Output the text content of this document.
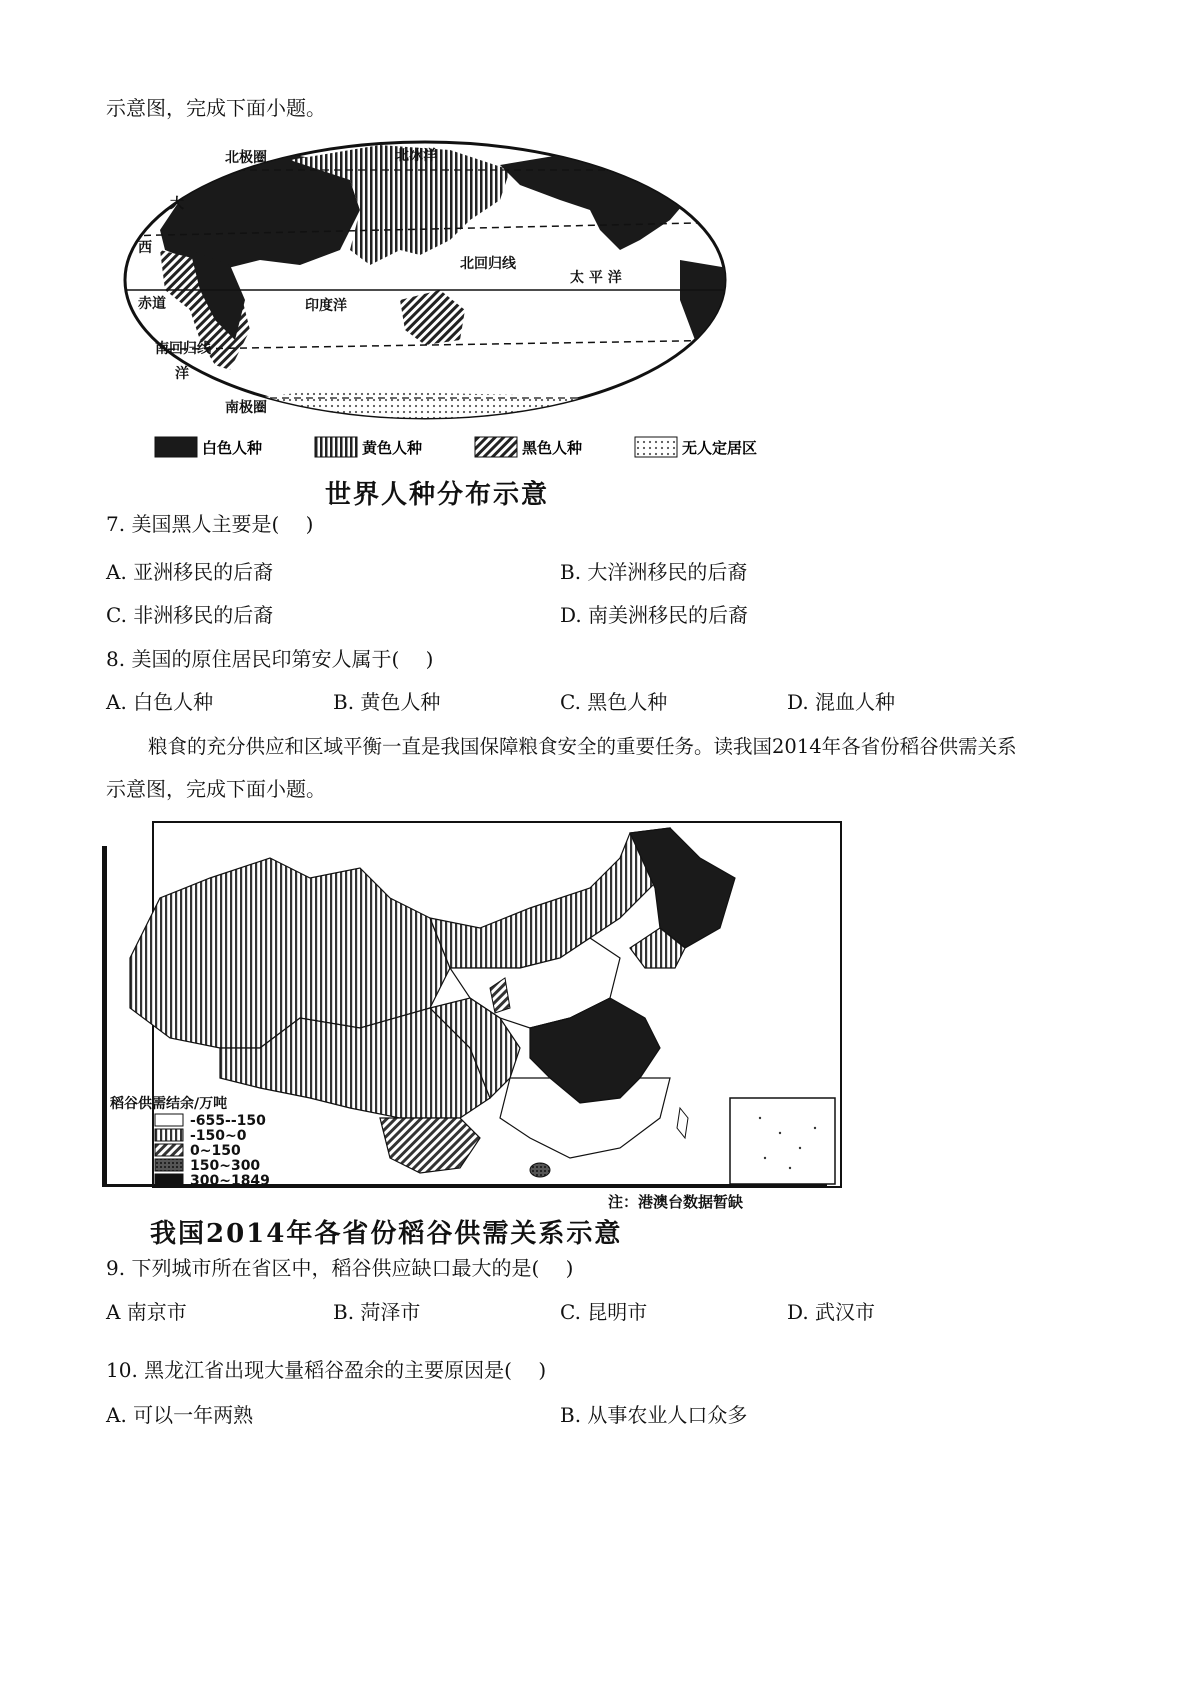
示意图，完成下面小题。
北极圈	北冰洋
大
西
北回归线
太 平 洋
赤道	印度洋
南回归线
洋
南极圈
白色人种	黄色人种	黑色人种	无人定居区
世界人种分布示意
7. 美国黑人主要是(　 )
A. 亚洲移民的后裔	B. 大洋洲移民的后裔
C. 非洲移民的后裔	D. 南美洲移民的后裔
8. 美国的原住居民印第安人属于(　 )
A. 白色人种	B. 黄色人种	C. 黑色人种	D. 混血人种
粮食的充分供应和区域平衡一直是我国保障粮食安全的重要任务。读我国2014年各省份稻谷供需关系
示意图，完成下面小题。
稻谷供需结余/万吨
-655--150
-150~0
0~150
150~300
300~1849
注：港澳台数据暂缺
我国2014年各省份稻谷供需关系示意
9. 下列城市所在省区中，稻谷供应缺口最大的是(　 )
A 南京市	B. 菏泽市	C. 昆明市	D. 武汉市
10. 黑龙江省出现大量稻谷盈余的主要原因是(　 )
A. 可以一年两熟	B. 从事农业人口众多
